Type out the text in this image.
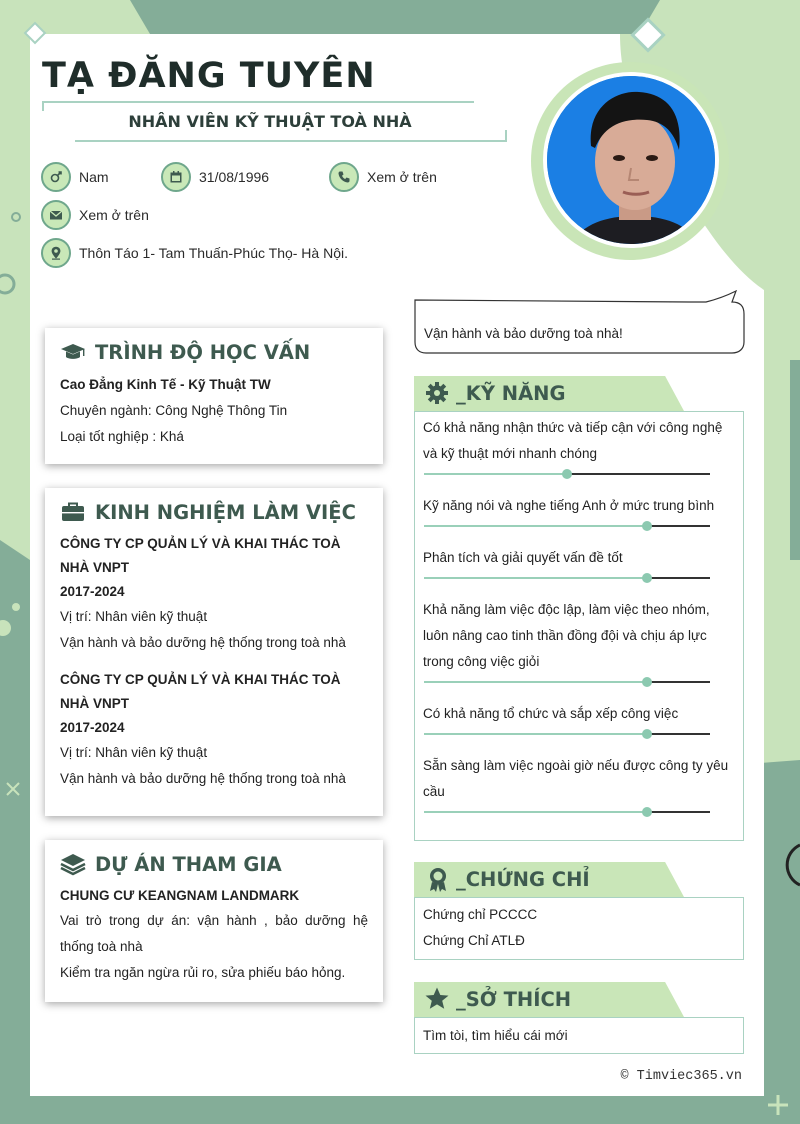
TẠ ĐĂNG TUYÊN
NHÂN VIÊN KỸ THUẬT TOÀ NHÀ
Nam	31/08/1996	Xem ở trên
Xem ở trên
Thôn Táo 1- Tam Thuấn-Phúc Thọ- Hà Nội.
TRÌNH ĐỘ HỌC VẤN
Cao Đẳng Kinh Tế - Kỹ Thuật TW
Chuyên ngành: Công Nghệ Thông Tin
Loại tốt nghiệp : Khá
KINH NGHIỆM LÀM VIỆC
CÔNG TY CP QUẢN LÝ VÀ KHAI THÁC TOÀ NHÀ VNPT
2017-2024
Vị trí: Nhân viên kỹ thuật
Vận hành và bảo dưỡng hệ thống trong toà nhà
CÔNG TY CP QUẢN LÝ VÀ KHAI THÁC TOÀ NHÀ VNPT
2017-2024
Vị trí: Nhân viên kỹ thuật
Vận hành và bảo dưỡng hệ thống trong toà nhà
DỰ ÁN THAM GIA
CHUNG CƯ KEANGNAM LANDMARK
Vai trò trong dự án: vận hành , bảo dưỡng hệ thống toà nhà
Kiểm tra ngăn ngừa rủi ro, sửa phiếu báo hỏng.
Vận hành và bảo dưỡng toà nhà!
_KỸ NĂNG
Có khả năng nhận thức và tiếp cận với công nghệ và kỹ thuật mới nhanh chóng
Kỹ năng nói và nghe tiếng Anh ở mức trung bình
Phân tích và giải quyết vấn đề tốt
Khả năng làm việc độc lập, làm việc theo nhóm, luôn nâng cao tinh thần đồng đội và chịu áp lực trong công việc giỏi
Có khả năng tổ chức và sắp xếp công việc
Sẵn sàng làm việc ngoài giờ nếu được công ty yêu cầu
_CHỨNG CHỈ
Chứng chỉ PCCCC
Chứng Chỉ ATLĐ
_SỞ THÍCH
Tìm tòi, tìm hiểu cái mới
© Timviec365.vn
